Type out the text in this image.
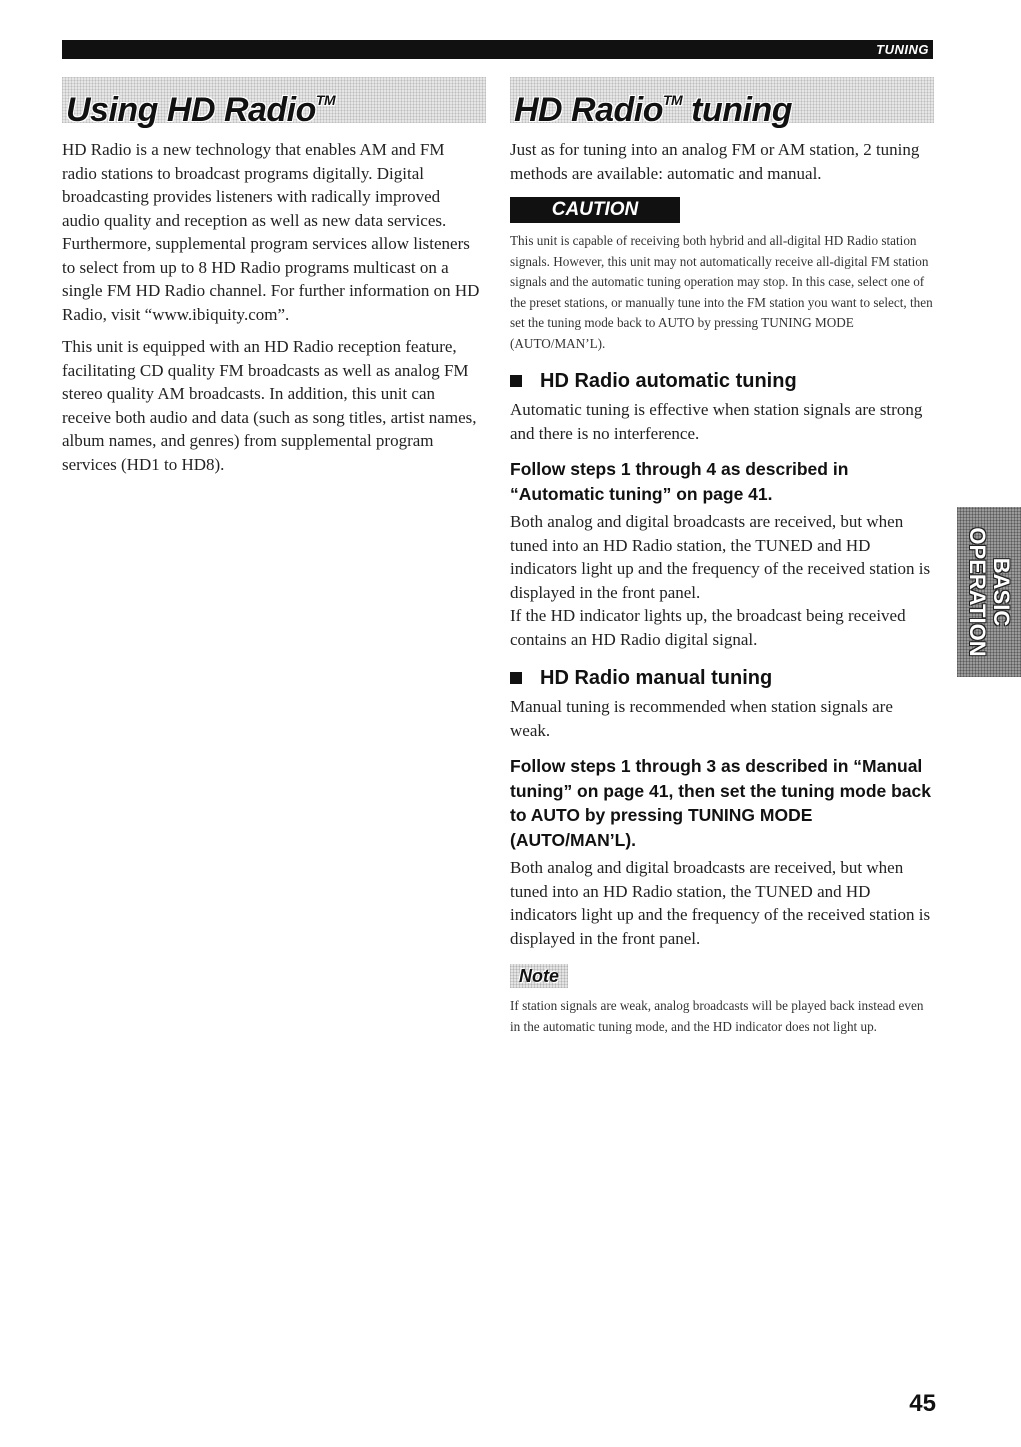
TUNING
Using HD Radio™	HD Radio™ tuning

HD Radio is a new technology that enables AM and FM radio stations to broadcast programs digitally. Digital broadcasting provides listeners with radically improved audio quality and reception as well as new data services. Furthermore, supplemental program services allow listeners to select from up to 8 HD Radio programs multicast on a single FM HD Radio channel. For further information on HD Radio, visit “www.ibiquity.com”.

This unit is equipped with an HD Radio reception feature, facilitating CD quality FM broadcasts as well as analog FM stereo quality AM broadcasts. In addition, this unit can receive both audio and data (such as song titles, artist names, album names, and genres) from supplemental program services (HD1 to HD8).

Just as for tuning into an analog FM or AM station, 2 tuning methods are available: automatic and manual.

CAUTION

This unit is capable of receiving both hybrid and all-digital HD Radio station signals. However, this unit may not automatically receive all-digital FM station signals and the automatic tuning operation may stop. In this case, select one of the preset stations, or manually tune into the FM station you want to select, then set the tuning mode back to AUTO by pressing TUNING MODE (AUTO/MAN’L).

HD Radio automatic tuning

Automatic tuning is effective when station signals are strong and there is no interference.

Follow steps 1 through 4 as described in “Automatic tuning” on page 41.

Both analog and digital broadcasts are received, but when tuned into an HD Radio station, the TUNED and HD indicators light up and the frequency of the received station is displayed in the front panel.

If the HD indicator lights up, the broadcast being received contains an HD Radio digital signal.

HD Radio manual tuning

Manual tuning is recommended when station signals are weak.

Follow steps 1 through 3 as described in “Manual tuning” on page 41, then set the tuning mode back to AUTO by pressing TUNING MODE (AUTO/MAN’L).

Both analog and digital broadcasts are received, but when tuned into an HD Radio station, the TUNED and HD indicators light up and the frequency of the received station is displayed in the front panel.

Note

If station signals are weak, analog broadcasts will be played back instead even in the automatic tuning mode, and the HD indicator does not light up.

BASIC
OPERATION
45
